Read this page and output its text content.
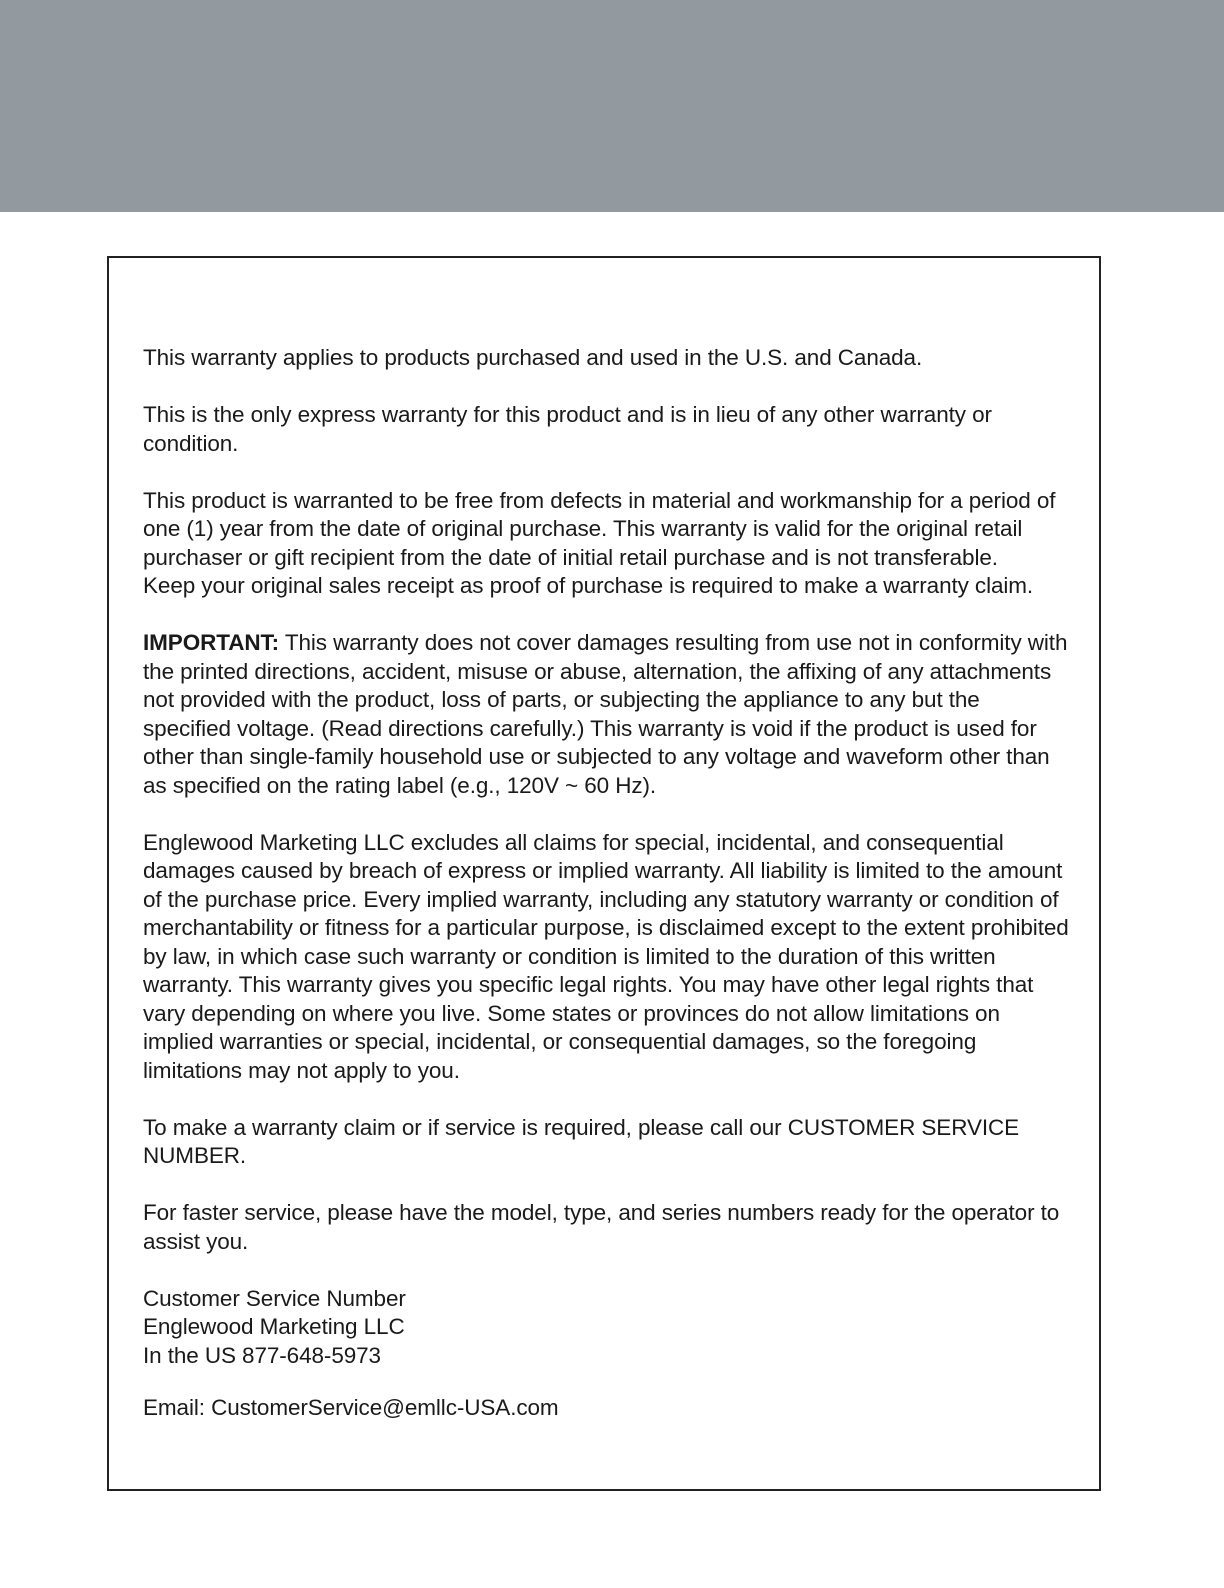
This warranty applies to products purchased and used in the U.S. and Canada.

This is the only express warranty for this product and is in lieu of any other warranty or condition.

This product is warranted to be free from defects in material and workmanship for a period of one (1) year from the date of original purchase. This warranty is valid for the original retail purchaser or gift recipient from the date of initial retail purchase and is not transferable.

Keep your original sales receipt as proof of purchase is required to make a warranty claim.

IMPORTANT: This warranty does not cover damages resulting from use not in conformity with the printed directions, accident, misuse or abuse, alternation, the affixing of any attachments not provided with the product, loss of parts, or subjecting the appliance to any but the specified voltage. (Read directions carefully.) This warranty is void if the product is used for other than single-family household use or subjected to any voltage and waveform other than as specified on the rating label (e.g., 120V ~ 60 Hz).

Englewood Marketing LLC excludes all claims for special, incidental, and consequential damages caused by breach of express or implied warranty. All liability is limited to the amount of the purchase price. Every implied warranty, including any statutory warranty or condition of merchantability or fitness for a particular purpose, is disclaimed except to the extent prohibited by law, in which case such warranty or condition is limited to the duration of this written warranty. This warranty gives you specific legal rights. You may have other legal rights that vary depending on where you live. Some states or provinces do not allow limitations on implied warranties or special, incidental, or consequential damages, so the foregoing limitations may not apply to you.

To make a warranty claim or if service is required, please call our CUSTOMER SERVICE NUMBER.

For faster service, please have the model, type, and series numbers ready for the operator to assist you.

Customer Service Number
Englewood Marketing LLC
In the US 877-648-5973
Email: CustomerService@emllc-USA.com
